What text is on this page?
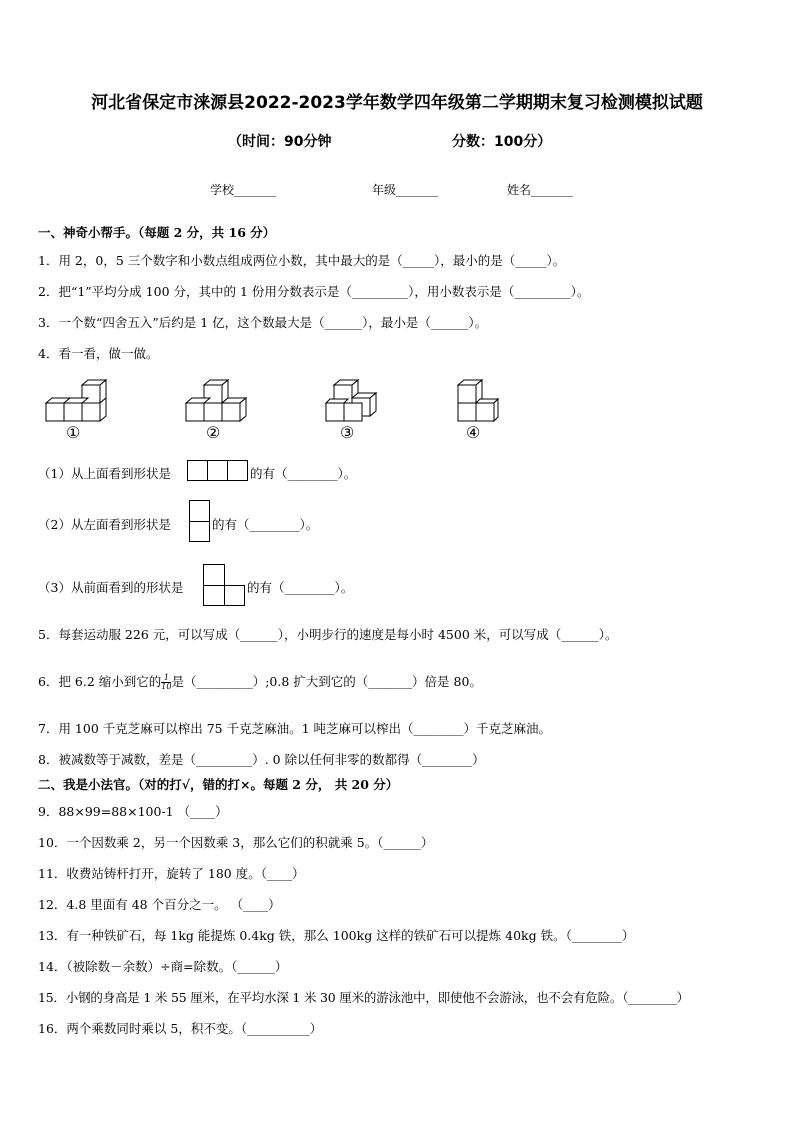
河北省保定市涞源县2022-2023学年数学四年级第二学期期末复习检测模拟试题
（时间：90分钟	分数：100分）
学校_______	年级_______	姓名_______
一、神奇小帮手。（每题 2 分，共 16 分）
1．用 2，0，5 三个数字和小数点组成两位小数，其中最大的是（_____），最小的是（_____）。
2．把“1”平均分成 100 分，其中的 1 份用分数表示是（_________），用小数表示是（_________）。
3．一个数“四舍五入”后约是 1 亿，这个数最大是（______），最小是（______）。
4．看一看，做一做。
①	②	③	④
（1）从上面看到形状是	的有（________）。
（2）从左面看到形状是	的有（________）。
（3）从前面看到的形状是	的有（________）。
5．每套运动服 226 元，可以写成（______），小明步行的速度是每小时 4500 米，可以写成（______）。
6．把 6.2 缩小到它的 $\frac{1}{10}$ 是（_________）;0.8 扩大到它的（_______）倍是 80。
7．用 100 千克芝麻可以榨出 75 千克芝麻油。1 吨芝麻可以榨出（________）千克芝麻油。
8．被减数等于减数，差是（_________）. 0 除以任何非零的数都得（________）
二、我是小法官。（对的打√，错的打×。每题 2 分， 共 20 分）
9．88×99=88×100-1 （____）
10．一个因数乘 2，另一个因数乘 3，那么它们的积就乘 5。（______）
11．收费站铸杆打开，旋转了 180 度。（____）
12．4.8 里面有 48 个百分之一。 （____）
13．有一种铁矿石，每 1kg 能提炼 0.4kg 铁，那么 100kg 这样的铁矿石可以提炼 40kg 铁。（________）
14．（被除数－余数）÷商=除数。（______）
15．小钢的身高是 1 米 55 厘米，在平均水深 1 米 30 厘米的游泳池中，即使他不会游泳，也不会有危险。（________）
16．两个乘数同时乘以 5，积不变。（__________）
